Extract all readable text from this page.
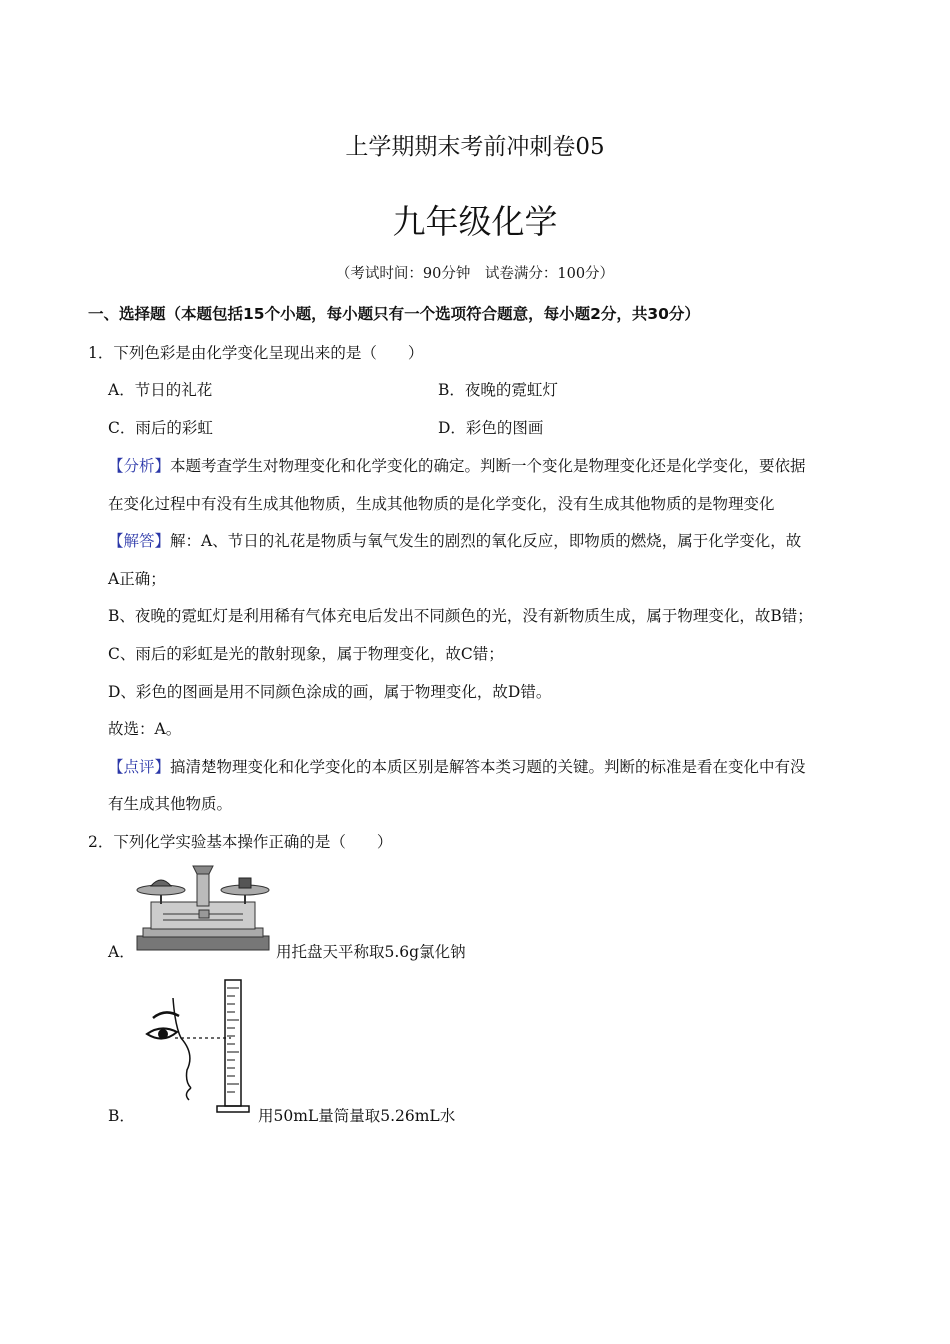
上学期期末考前冲刺卷05
九年级化学
（考试时间：90分钟　试卷满分：100分）
一、选择题（本题包括15个小题，每小题只有一个选项符合题意，每小题2分，共30分）
1．下列色彩是由化学变化呈现出来的是（　　）
A．节日的礼花	B．夜晚的霓虹灯
C．雨后的彩虹	D．彩色的图画
【分析】本题考查学生对物理变化和化学变化的确定。判断一个变化是物理变化还是化学变化，要依据
在变化过程中有没有生成其他物质，生成其他物质的是化学变化，没有生成其他物质的是物理变化
【解答】解：A、节日的礼花是物质与氧气发生的剧烈的氧化反应，即物质的燃烧，属于化学变化，故
A正确；
B、夜晚的霓虹灯是利用稀有气体充电后发出不同颜色的光，没有新物质生成，属于物理变化，故B错；
C、雨后的彩虹是光的散射现象，属于物理变化，故C错；
D、彩色的图画是用不同颜色涂成的画，属于物理变化，故D错。
故选：A。
【点评】搞清楚物理变化和化学变化的本质区别是解答本类习题的关键。判断的标准是看在变化中有没
有生成其他物质。
2．下列化学实验基本操作正确的是（　　）
A．	用托盘天平称取5.6g氯化钠
B．	用50mL量筒量取5.26mL水
